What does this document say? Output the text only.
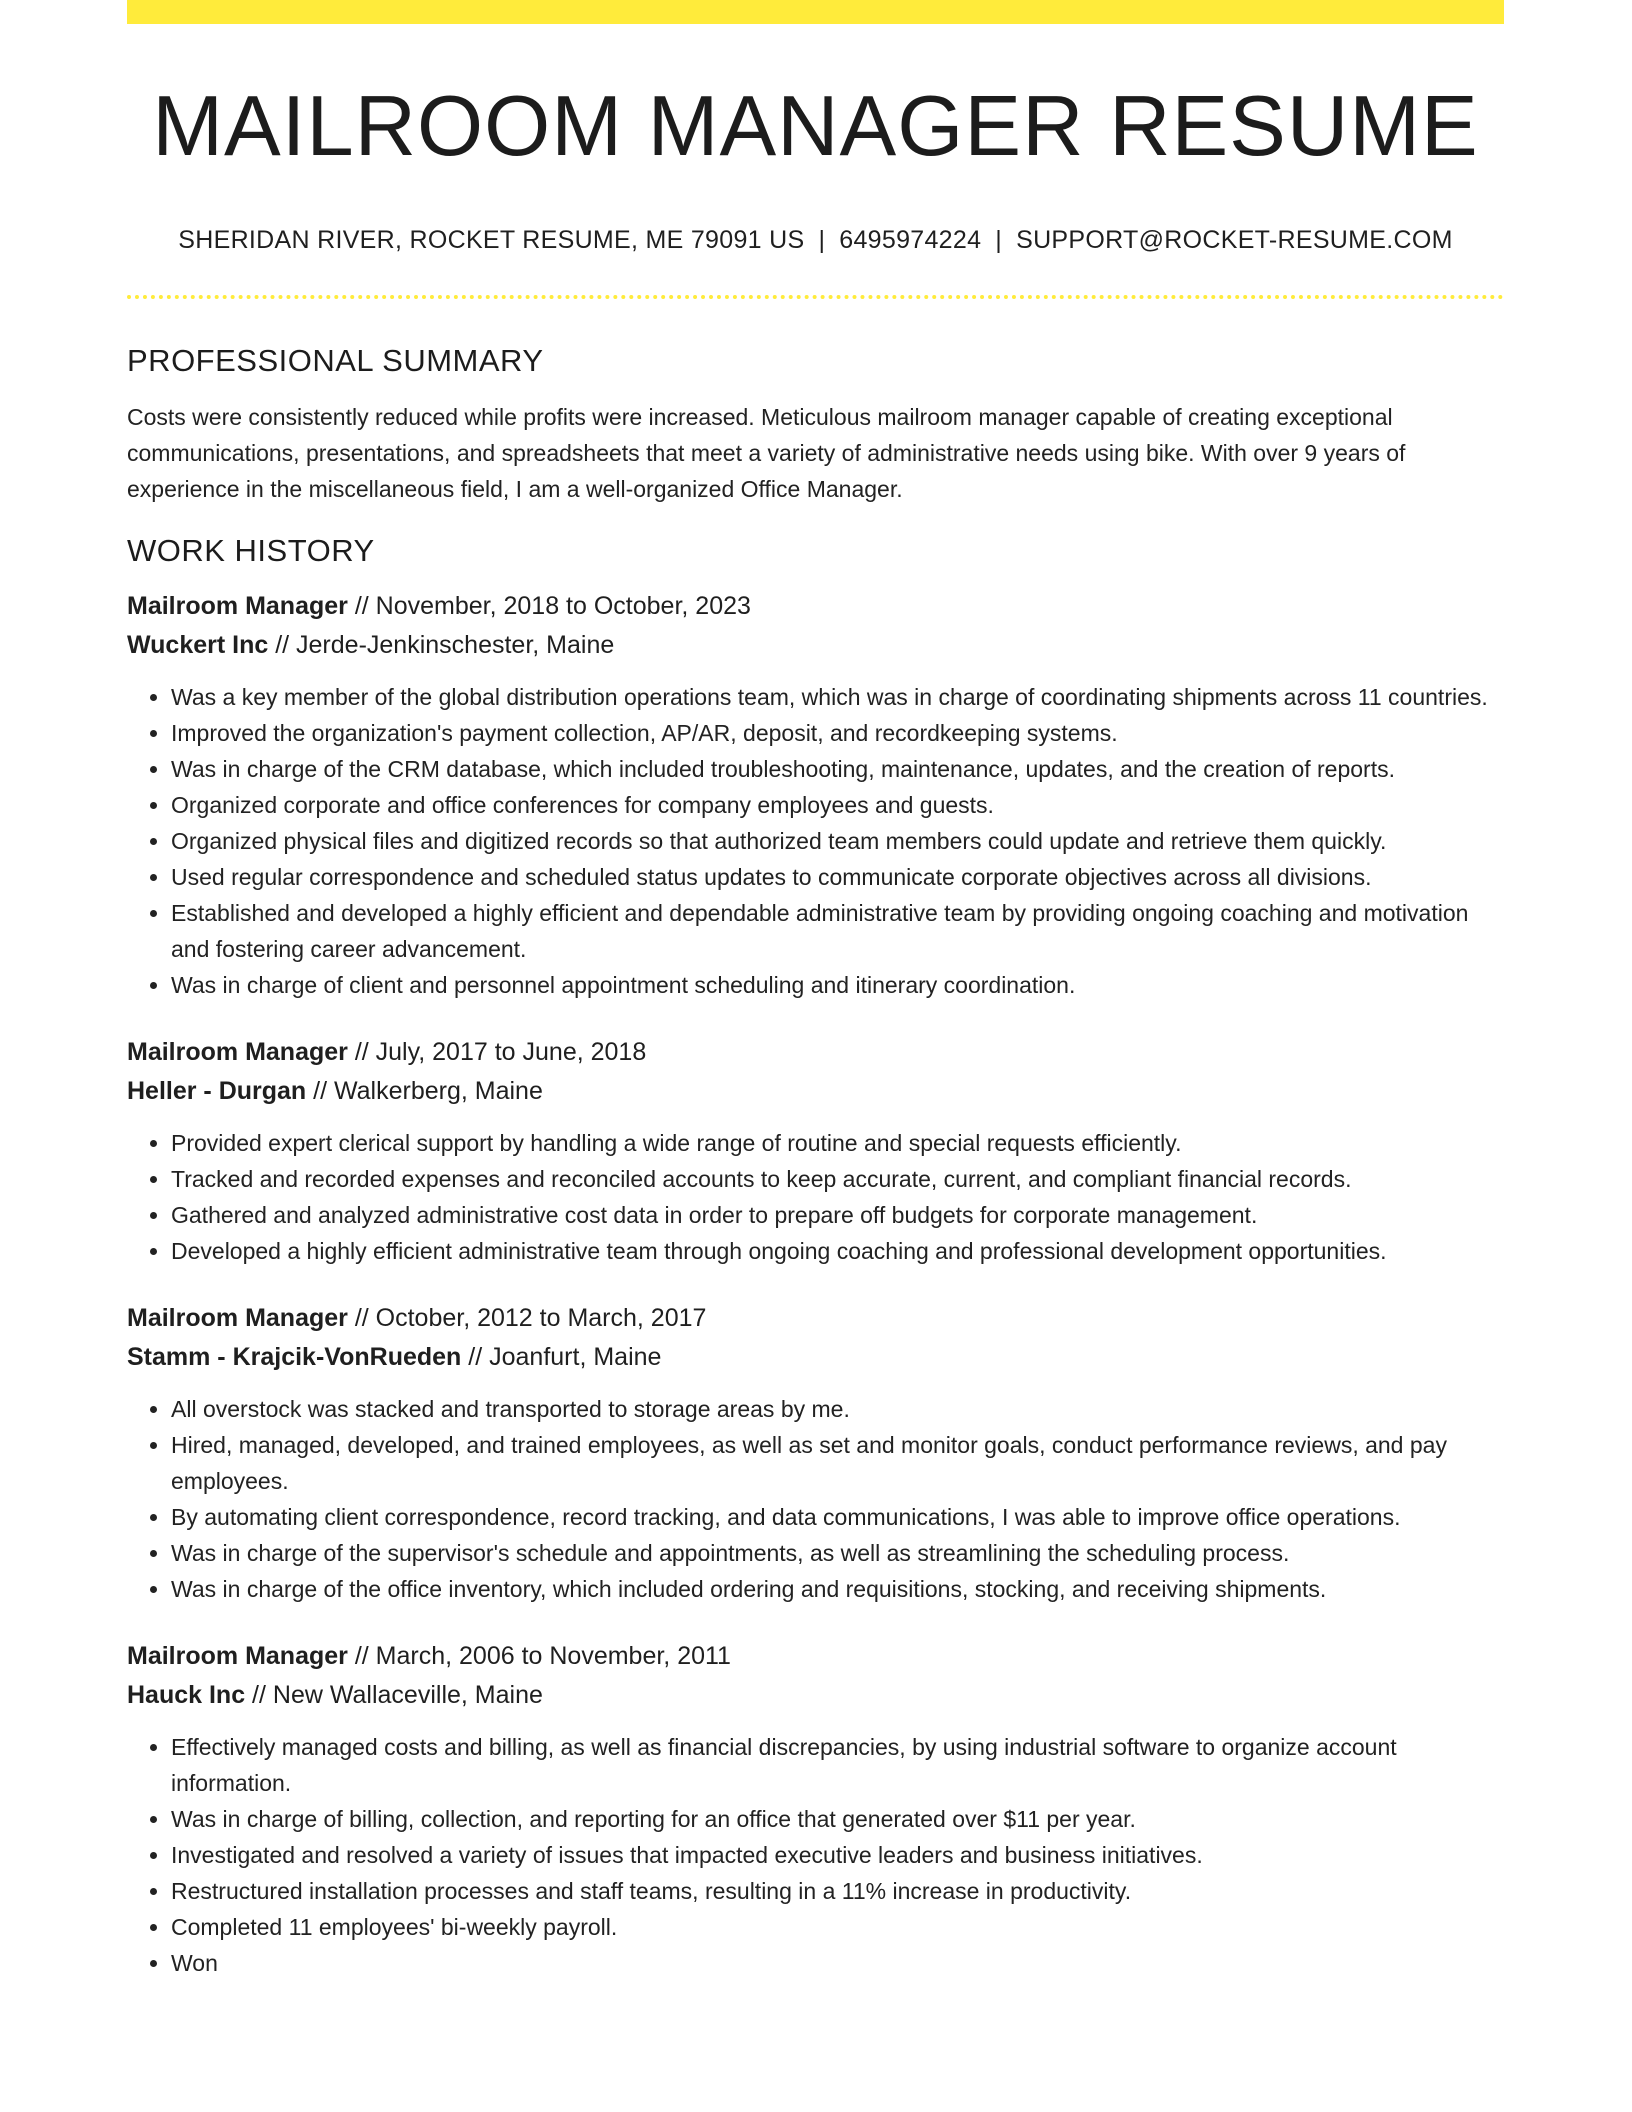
MAILROOM MANAGER RESUME
SHERIDAN RIVER, ROCKET RESUME, ME 79091 US | 6495974224 | SUPPORT@ROCKET-RESUME.COM
PROFESSIONAL SUMMARY

Costs were consistently reduced while profits were increased. Meticulous mailroom manager capable of creating exceptional communications, presentations, and spreadsheets that meet a variety of administrative needs using bike. With over 9 years of experience in the miscellaneous field, I am a well-organized Office Manager.

WORK HISTORY
Mailroom Manager // November, 2018 to October, 2023
Wuckert Inc // Jerde-Jenkinschester, Maine
• Was a key member of the global distribution operations team, which was in charge of coordinating shipments across 11 countries.
• Improved the organization's payment collection, AP/AR, deposit, and recordkeeping systems.
• Was in charge of the CRM database, which included troubleshooting, maintenance, updates, and the creation of reports.
• Organized corporate and office conferences for company employees and guests.
• Organized physical files and digitized records so that authorized team members could update and retrieve them quickly.
• Used regular correspondence and scheduled status updates to communicate corporate objectives across all divisions.
• Established and developed a highly efficient and dependable administrative team by providing ongoing coaching and motivation and fostering career advancement.
• Was in charge of client and personnel appointment scheduling and itinerary coordination.
Mailroom Manager // July, 2017 to June, 2018
Heller - Durgan // Walkerberg, Maine
• Provided expert clerical support by handling a wide range of routine and special requests efficiently.
• Tracked and recorded expenses and reconciled accounts to keep accurate, current, and compliant financial records.
• Gathered and analyzed administrative cost data in order to prepare off budgets for corporate management.
• Developed a highly efficient administrative team through ongoing coaching and professional development opportunities.
Mailroom Manager // October, 2012 to March, 2017
Stamm - Krajcik-VonRueden // Joanfurt, Maine
• All overstock was stacked and transported to storage areas by me.
• Hired, managed, developed, and trained employees, as well as set and monitor goals, conduct performance reviews, and pay employees.
• By automating client correspondence, record tracking, and data communications, I was able to improve office operations.
• Was in charge of the supervisor's schedule and appointments, as well as streamlining the scheduling process.
• Was in charge of the office inventory, which included ordering and requisitions, stocking, and receiving shipments.
Mailroom Manager // March, 2006 to November, 2011
Hauck Inc // New Wallaceville, Maine
• Effectively managed costs and billing, as well as financial discrepancies, by using industrial software to organize account information.
• Was in charge of billing, collection, and reporting for an office that generated over $11 per year.
• Investigated and resolved a variety of issues that impacted executive leaders and business initiatives.
• Restructured installation processes and staff teams, resulting in a 11% increase in productivity.
• Completed 11 employees' bi-weekly payroll.
• Won
